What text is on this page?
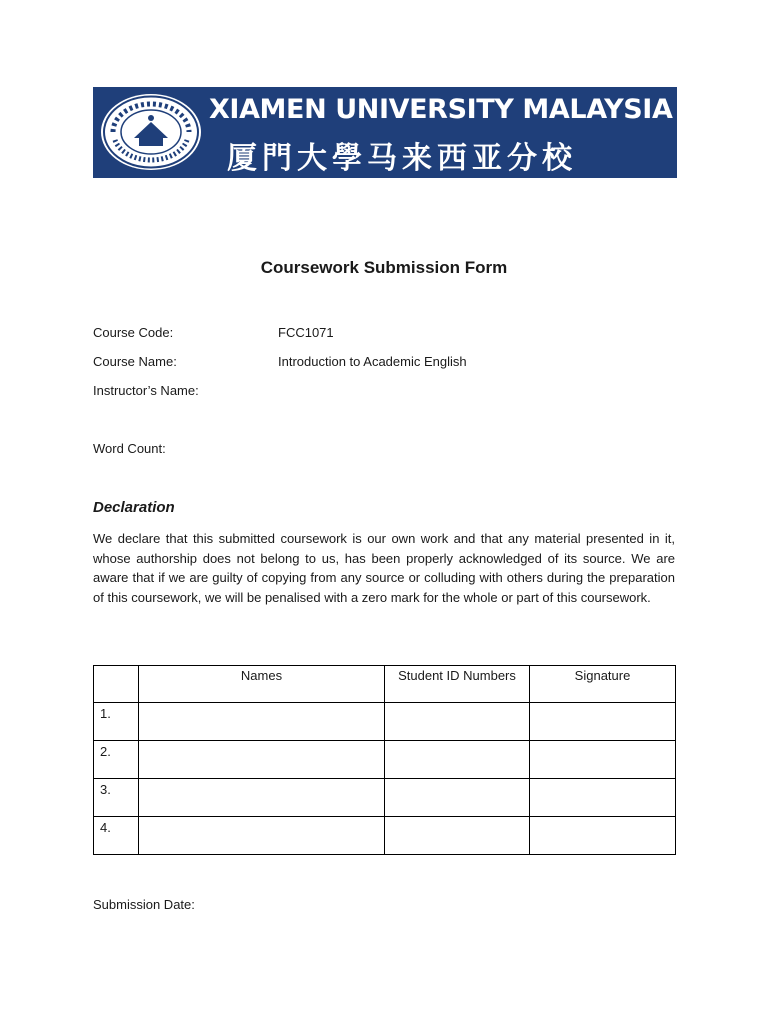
XIAMEN UNIVERSITY MALAYSIA
厦門大學马来西亚分校
Coursework Submission Form
Course Code:	FCC1071
Course Name:	Introduction to Academic English
Instructor’s Name:
Word Count:
Declaration

We declare that this submitted coursework is our own work and that any material presented in it, whose authorship does not belong to us, has been properly acknowledged of its source. We are aware that if we are guilty of copying from any source or colluding with others during the preparation of this coursework, we will be penalised with a zero mark for the whole or part of this coursework.

	Names	Student ID Numbers	Signature
1.			
2.			
3.			
4.			
Submission Date:
